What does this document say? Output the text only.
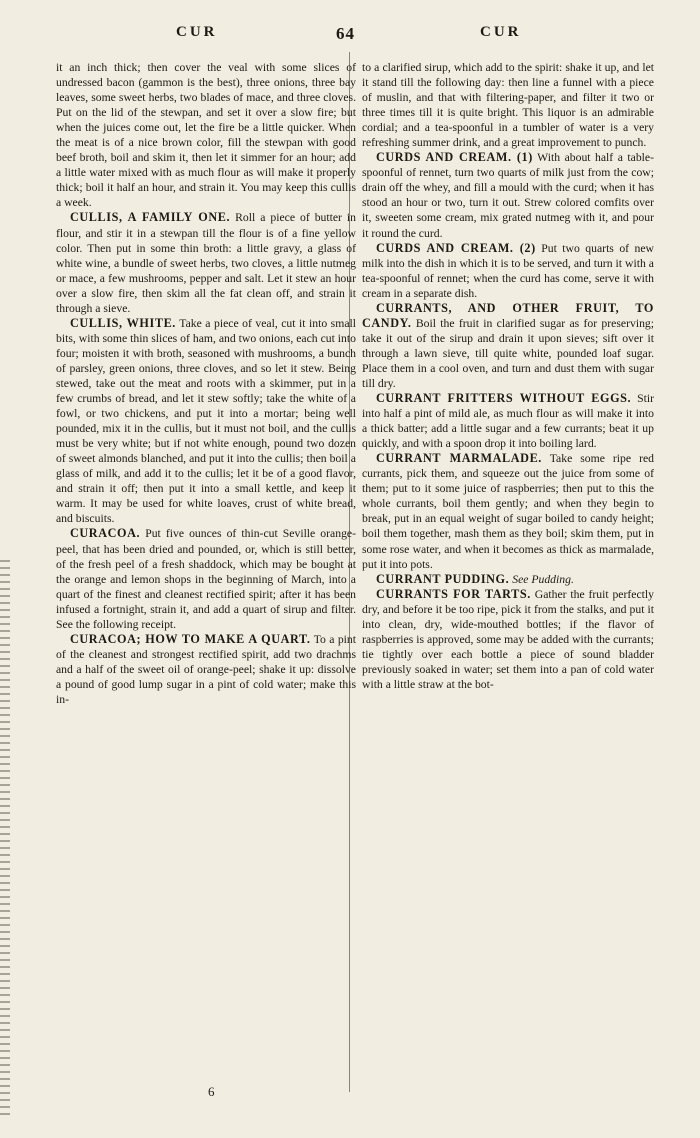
CUR	64	CUR

it an inch thick; then cover the veal with some slices of undressed bacon (gammon is the best), three onions, three bay leaves, some sweet herbs, two blades of mace, and three cloves. Put on the lid of the stewpan, and set it over a slow fire; but when the juices come out, let the fire be a little quicker. When the meat is of a nice brown color, fill the stewpan with good beef broth, boil and skim it, then let it simmer for an hour; add a little water mixed with as much flour as will make it properly thick; boil it half an hour, and strain it. You may keep this cullis a week.

CULLIS, A FAMILY ONE. Roll a piece of butter in flour, and stir it in a stewpan till the flour is of a fine yellow color. Then put in some thin broth: a little gravy, a glass of white wine, a bundle of sweet herbs, two cloves, a little nutmeg or mace, a few mushrooms, pepper and salt. Let it stew an hour over a slow fire, then skim all the fat clean off, and strain it through a sieve.

CULLIS, WHITE. Take a piece of veal, cut it into small bits, with some thin slices of ham, and two onions, each cut into four; moisten it with broth, seasoned with mushrooms, a bunch of parsley, green onions, three cloves, and so let it stew. Being stewed, take out the meat and roots with a skimmer, put in a few crumbs of bread, and let it stew softly; take the white of a fowl, or two chickens, and put it into a mortar; being well pounded, mix it in the cullis, but it must not boil, and the cullis must be very white; but if not white enough, pound two dozen of sweet almonds blanched, and put it into the cullis; then boil a glass of milk, and add it to the cullis; let it be of a good flavor, and strain it off; then put it into a small kettle, and keep it warm. It may be used for white loaves, crust of white bread, and biscuits.

CURACOA. Put five ounces of thin-cut Seville orange-peel, that has been dried and pounded, or, which is still better, of the fresh peel of a fresh shaddock, which may be bought at the orange and lemon shops in the beginning of March, into a quart of the finest and cleanest rectified spirit; after it has been infused a fortnight, strain it, and add a quart of sirup and filter. See the following receipt.

CURACOA; HOW TO MAKE A QUART. To a pint of the cleanest and strongest rectified spirit, add two drachms and a half of the sweet oil of orange-peel; shake it up: dissolve a pound of good lump sugar in a pint of cold water; make this in-

to a clarified sirup, which add to the spirit: shake it up, and let it stand till the following day: then line a funnel with a piece of muslin, and that with filtering-paper, and filter it two or three times till it is quite bright. This liquor is an admirable cordial; and a tea-spoonful in a tumbler of water is a very refreshing summer drink, and a great improvement to punch.

CURDS AND CREAM. (1) With about half a table-spoonful of rennet, turn two quarts of milk just from the cow; drain off the whey, and fill a mould with the curd; when it has stood an hour or two, turn it out. Strew colored comfits over it, sweeten some cream, mix grated nutmeg with it, and pour it round the curd.

CURDS AND CREAM. (2) Put two quarts of new milk into the dish in which it is to be served, and turn it with a tea-spoonful of rennet; when the curd has come, serve it with cream in a separate dish.

CURRANTS, AND OTHER FRUIT, TO CANDY. Boil the fruit in clarified sugar as for preserving; take it out of the sirup and drain it upon sieves; sift over it through a lawn sieve, till quite white, pounded loaf sugar. Place them in a cool oven, and turn and dust them with sugar till dry.

CURRANT FRITTERS WITHOUT EGGS. Stir into half a pint of mild ale, as much flour as will make it into a thick batter; add a little sugar and a few currants; beat it up quickly, and with a spoon drop it into boiling lard.

CURRANT MARMALADE. Take some ripe red currants, pick them, and squeeze out the juice from some of them; put to it some juice of raspberries; then put to this the whole currants, boil them gently; and when they begin to break, put in an equal weight of sugar boiled to candy height; boil them together, mash them as they boil; skim them, put in some rose water, and when it becomes as thick as marmalade, put it into pots.

CURRANT PUDDING. See Pudding.

CURRANTS FOR TARTS. Gather the fruit perfectly dry, and before it be too ripe, pick it from the stalks, and put it into clean, dry, wide-mouthed bottles; if the flavor of raspberries is approved, some may be added with the currants; tie tightly over each bottle a piece of sound bladder previously soaked in water; set them into a pan of cold water with a little straw at the bot-

6
